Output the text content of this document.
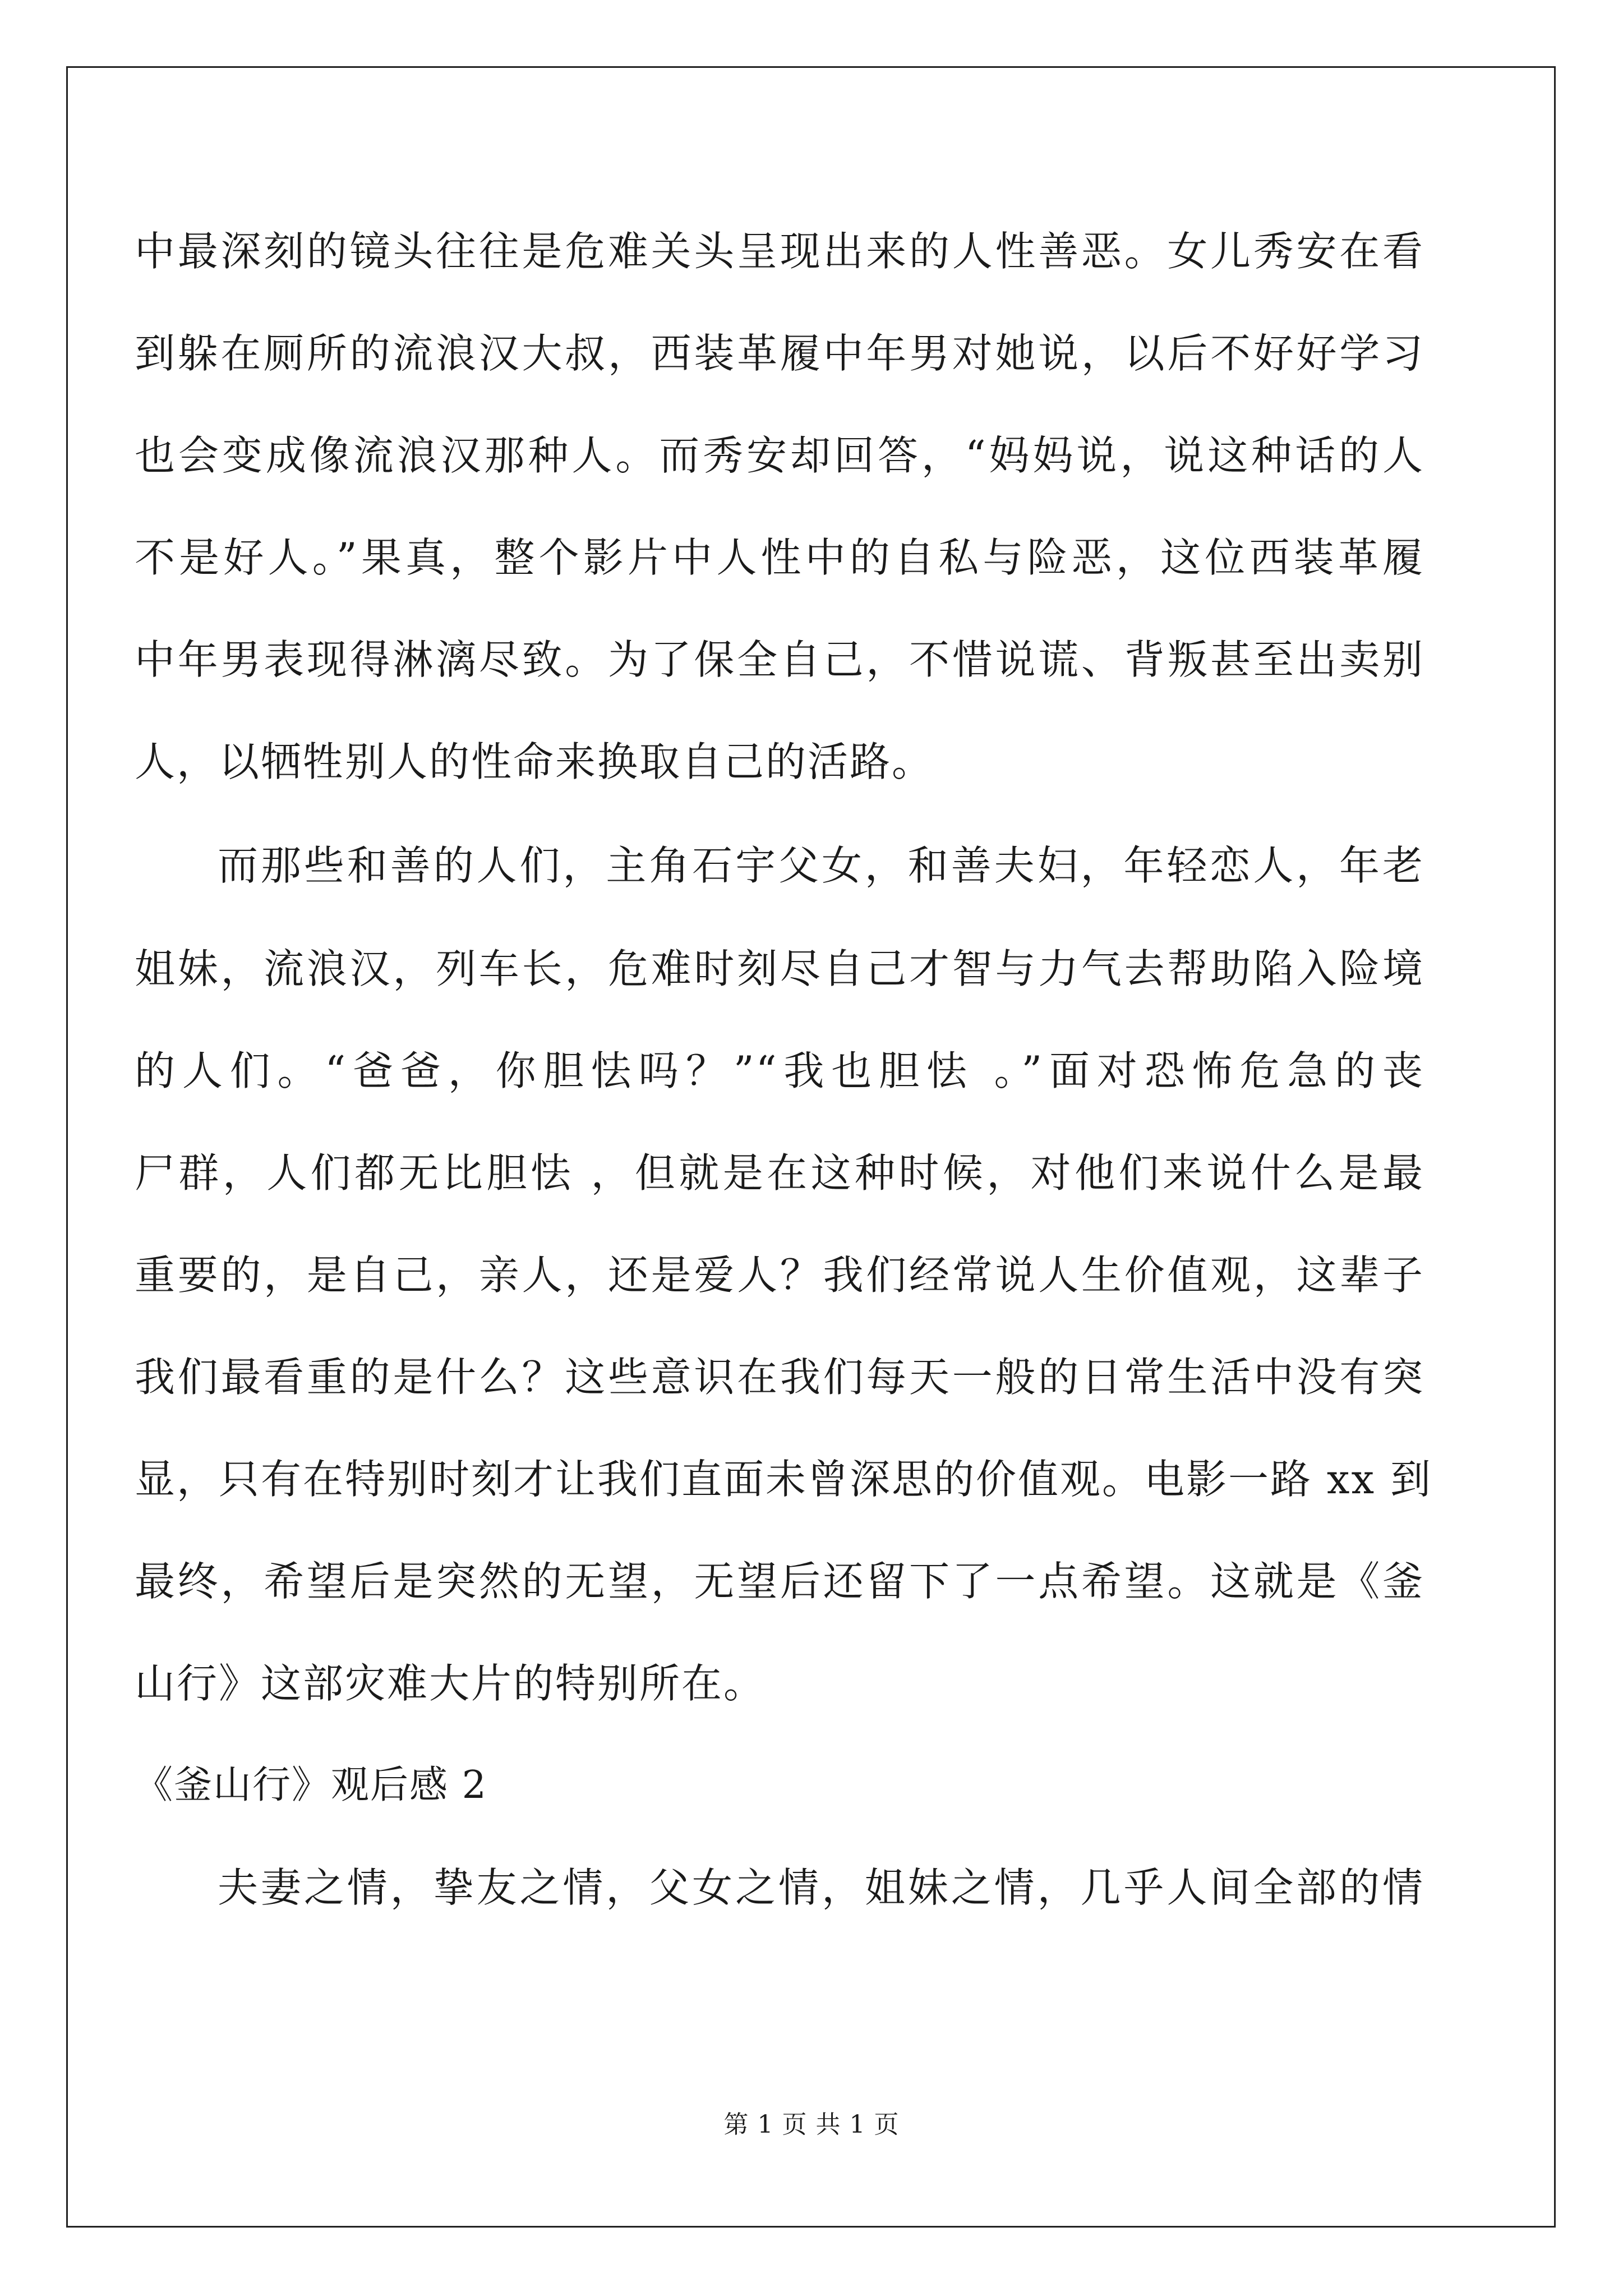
中最深刻的镜头往往是危难关头呈现出来的人性善恶。女儿秀安在看
到躲在厕所的流浪汉大叔，西装革履中年男对她说，以后不好好学习
也会变成像流浪汉那种人。而秀安却回答，“妈妈说，说这种话的人
不是好人。”果真，整个影片中人性中的自私与险恶，这位西装革履
中年男表现得淋漓尽致。为了保全自己，不惜说谎、背叛甚至出卖别
人，以牺牲别人的性命来换取自己的活路。
而那些和善的人们，主角石宇父女，和善夫妇，年轻恋人，年老
姐妹，流浪汉，列车长，危难时刻尽自己才智与力气去帮助陷入险境
的人们。“爸爸，你胆怯吗？”“我也胆怯 。”面对恐怖危急的丧
尸群，人们都无比胆怯 ，但就是在这种时候，对他们来说什么是最
重要的，是自己，亲人，还是爱人？我们经常说人生价值观，这辈子
我们最看重的是什么？这些意识在我们每天一般的日常生活中没有突
显，只有在特别时刻才让我们直面未曾深思的价值观。电影一路 xx 到
最终，希望后是突然的无望，无望后还留下了一点希望。这就是《釜
山行》这部灾难大片的特别所在。
《釜山行》观后感 2
夫妻之情，挚友之情，父女之情，姐妹之情，几乎人间全部的情
第 1 页 共 1 页
